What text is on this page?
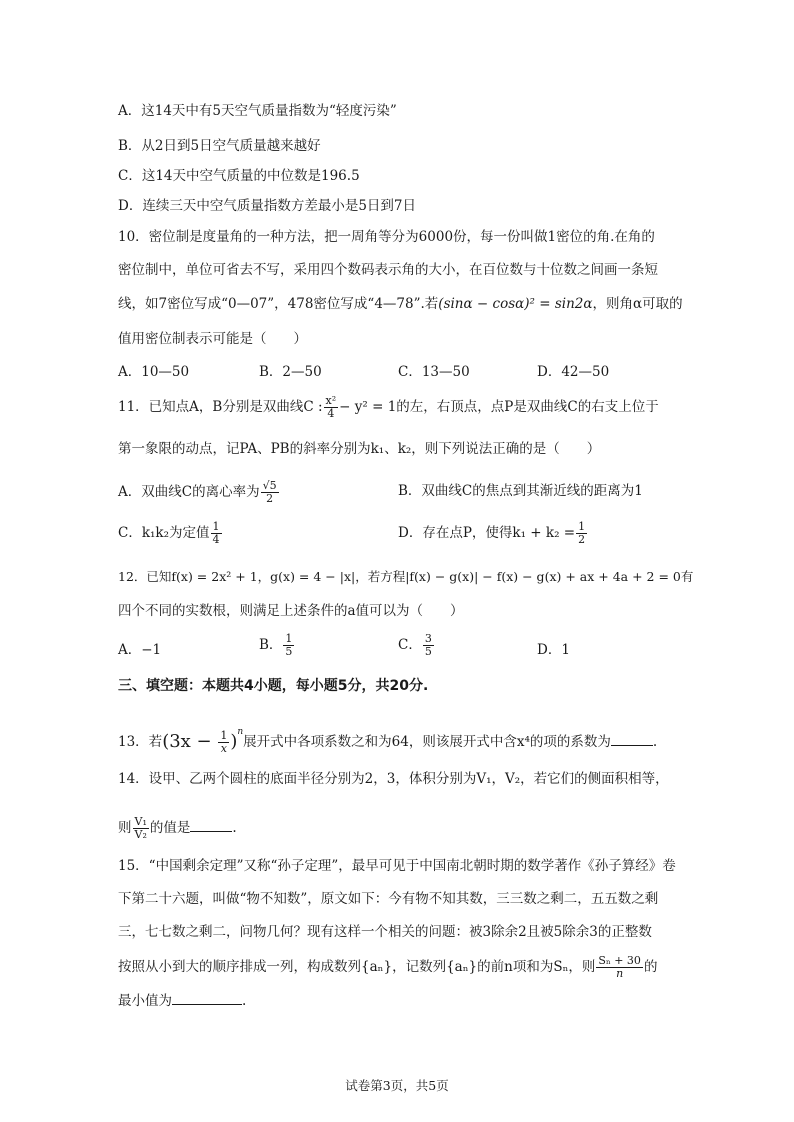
A．这14天中有5天空气质量指数为“轻度污染”
B．从2日到5日空气质量越来越好
C．这14天中空气质量的中位数是196.5
D．连续三天中空气质量指数方差最小是5日到7日
10．密位制是度量角的一种方法，把一周角等分为6000份，每一份叫做1密位的角.在角的
密位制中，单位可省去不写，采用四个数码表示角的大小，在百位数与十位数之间画一条短
线，如7密位写成“0—07”，478密位写成“4—78”.若(sinα − cosα)² = sin2α，则角α可取的
值用密位制表示可能是（　　）
A．10—50	B．2—50	C．13—50	D．42—50
11．已知点A，B分别是双曲线C : $\frac{\text{x²}}{4} - y^2 = 1$的左，右顶点，点P是双曲线C的右支上位于
第一象限的动点，记PA、PB的斜率分别为k₁、k₂，则下列说法正确的是（　　）
A．双曲线C的离心率为 $\frac{√5}{2}$	B．双曲线C的焦点到其渐近线的距离为1
C．k₁k₂为定值 $\frac{1}{4}$	D．存在点P，使得$k_1 + k_2 = \frac{1}{2}$
12．已知f(x) = 2x² + 1，g(x) = 4 − |x|，若方程|f(x) − g(x)| − f(x) − g(x) + ax + 4a + 2 = 0有
四个不同的实数根，则满足上述条件的a值可以为（　　）
A．−1	B． $\frac{1}{5}$	C． $\frac{3}{5}$	D．1
三、填空题：本题共4小题，每小题5分，共20分.
13．若$(3x - \frac{1}{x} )^n$展开式中各项系数之和为64，则该展开式中含x⁴的项的系数为	.
14．设甲、乙两个圆柱的底面半径分别为2，3，体积分别为V₁，V₂，若它们的侧面积相等，
则 $\frac{\text{V₁}}{\text{V₂}}$ 的值是	.
15．“中国剩余定理”又称“孙子定理”，最早可见于中国南北朝时期的数学著作《孙子算经》卷
下第二十六题，叫做“物不知数”，原文如下：今有物不知其数，三三数之剩二，五五数之剩
三，七七数之剩二，问物几何？现有这样一个相关的问题：被3除余2且被5除余3的正整数
按照从小到大的顺序排成一列，构成数列{aₙ}，记数列{aₙ}的前n项和为Sₙ，则 $\frac{\text{Sₙ + 30}}{n}$ 的
最小值为	.
试卷第3页，共5页
